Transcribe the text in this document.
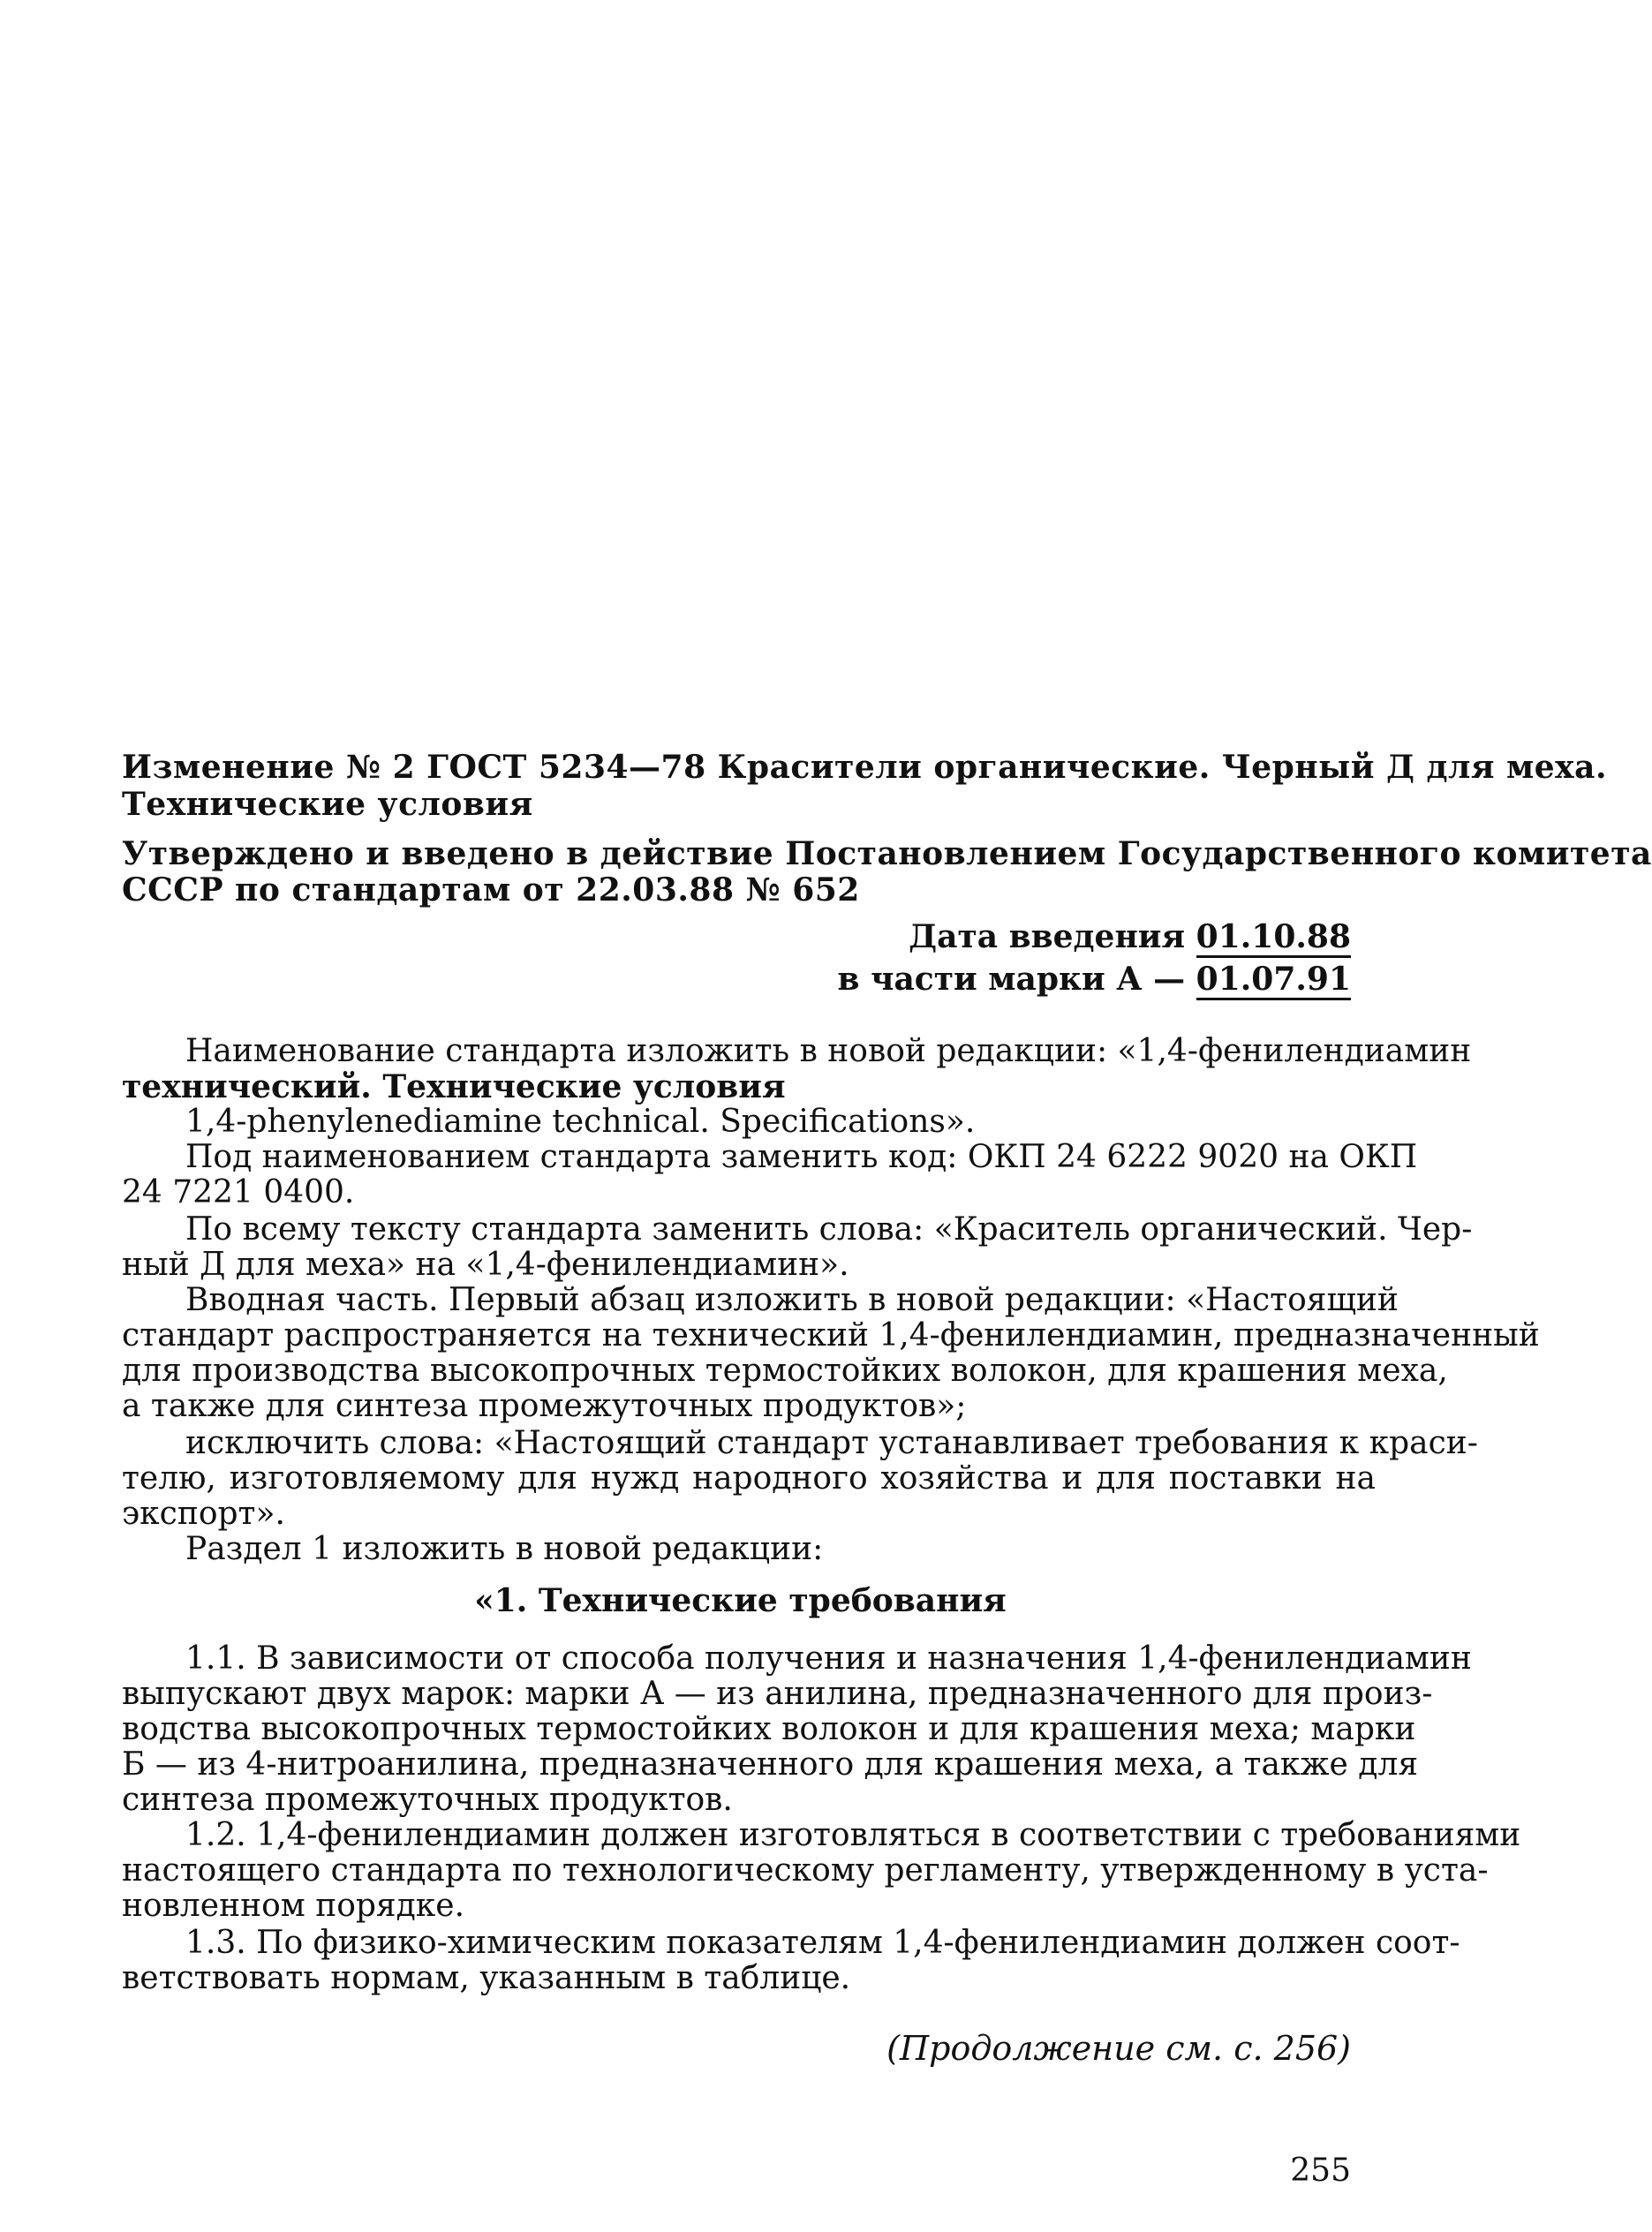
Изменение № 2 ГОСТ 5234—78 Красители органические. Черный Д для меха.
Технические условия
Утверждено и введено в действие Постановлением Государственного комитета
СССР по стандартам от 22.03.88 № 652
Дата введения 01.10.88
в части марки А — 01.07.91
Наименование стандарта изложить в новой редакции: «1,4-фенилендиамин
технический. Технические условия
1,4-phenylenediamine technical. Specifications».
Под наименованием стандарта заменить код: ОКП 24 6222 9020 на ОКП
24 7221 0400.
По всему тексту стандарта заменить слова: «Краситель органический. Чер-
ный Д для меха» на «1,4-фенилендиамин».
Вводная часть. Первый абзац изложить в новой редакции: «Настоящий
стандарт распространяется на технический 1,4-фенилендиамин, предназначенный
для производства высокопрочных термостойких волокон, для крашения меха,
а также для синтеза промежуточных продуктов»;
исключить слова: «Настоящий стандарт устанавливает требования к краси-
телю, изготовляемому для нужд народного хозяйства и для поставки на
экспорт».
Раздел 1 изложить в новой редакции:
«1. Технические требования
1.1. В зависимости от способа получения и назначения 1,4-фенилендиамин
выпускают двух марок: марки А — из анилина, предназначенного для произ-
водства высокопрочных термостойких волокон и для крашения меха; марки
Б — из 4-нитроанилина, предназначенного для крашения меха, а также для
синтеза промежуточных продуктов.
1.2. 1,4-фенилендиамин должен изготовляться в соответствии с требованиями
настоящего стандарта по технологическому регламенту, утвержденному в уста-
новленном порядке.
1.3. По физико-химическим показателям 1,4-фенилендиамин должен соот-
ветствовать нормам, указанным в таблице.
(Продолжение см. с. 256)
255
